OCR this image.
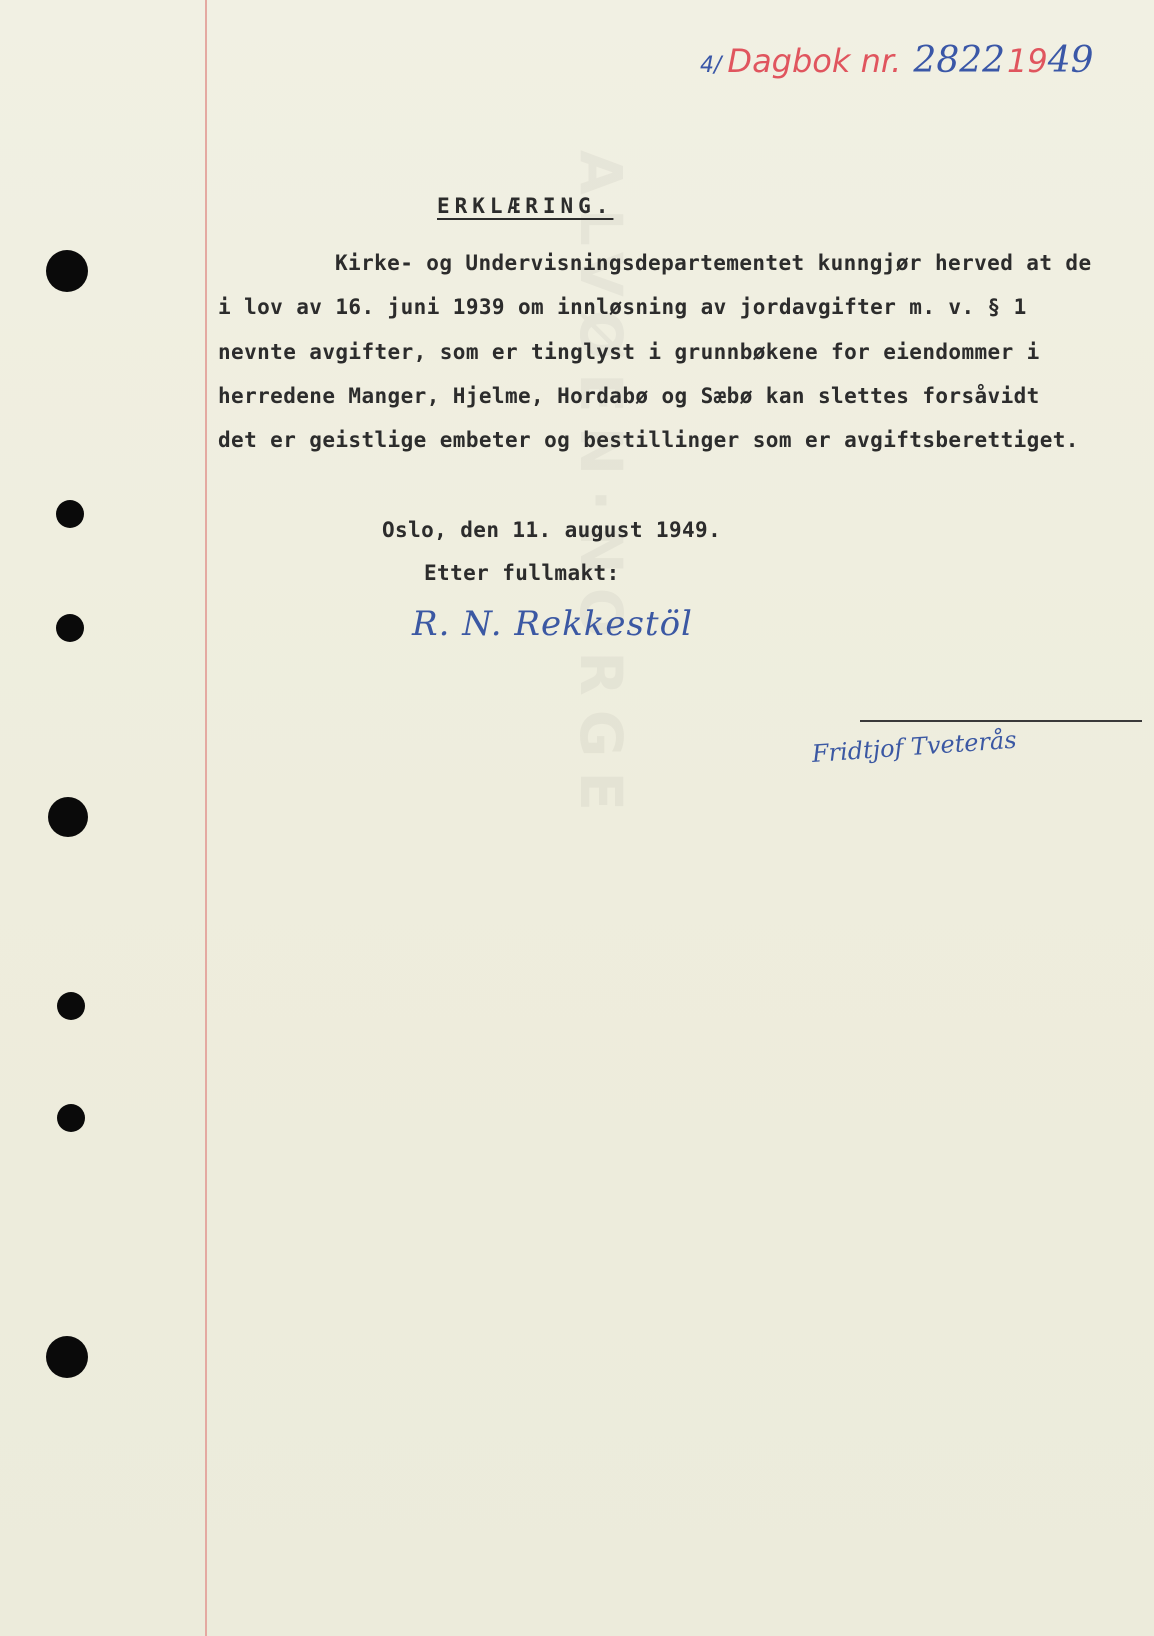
ALVØEN·NORGE
4/ Dagbok nr. 28221949
ERKLÆRING.
Kirke- og Undervisningsdepartementet kunngjør herved at de
i lov av 16. juni 1939 om innløsning av jordavgifter m. v. § 1
nevnte avgifter, som er tinglyst i grunnbøkene for eiendommer i
herredene Manger, Hjelme, Hordabø og Sæbø kan slettes forsåvidt
det er geistlige embeter og bestillinger som er avgiftsberettiget.
Oslo, den 11. august 1949.
Etter fullmakt:
R. N. Rekkestöl
Fridtjof Tveterås
